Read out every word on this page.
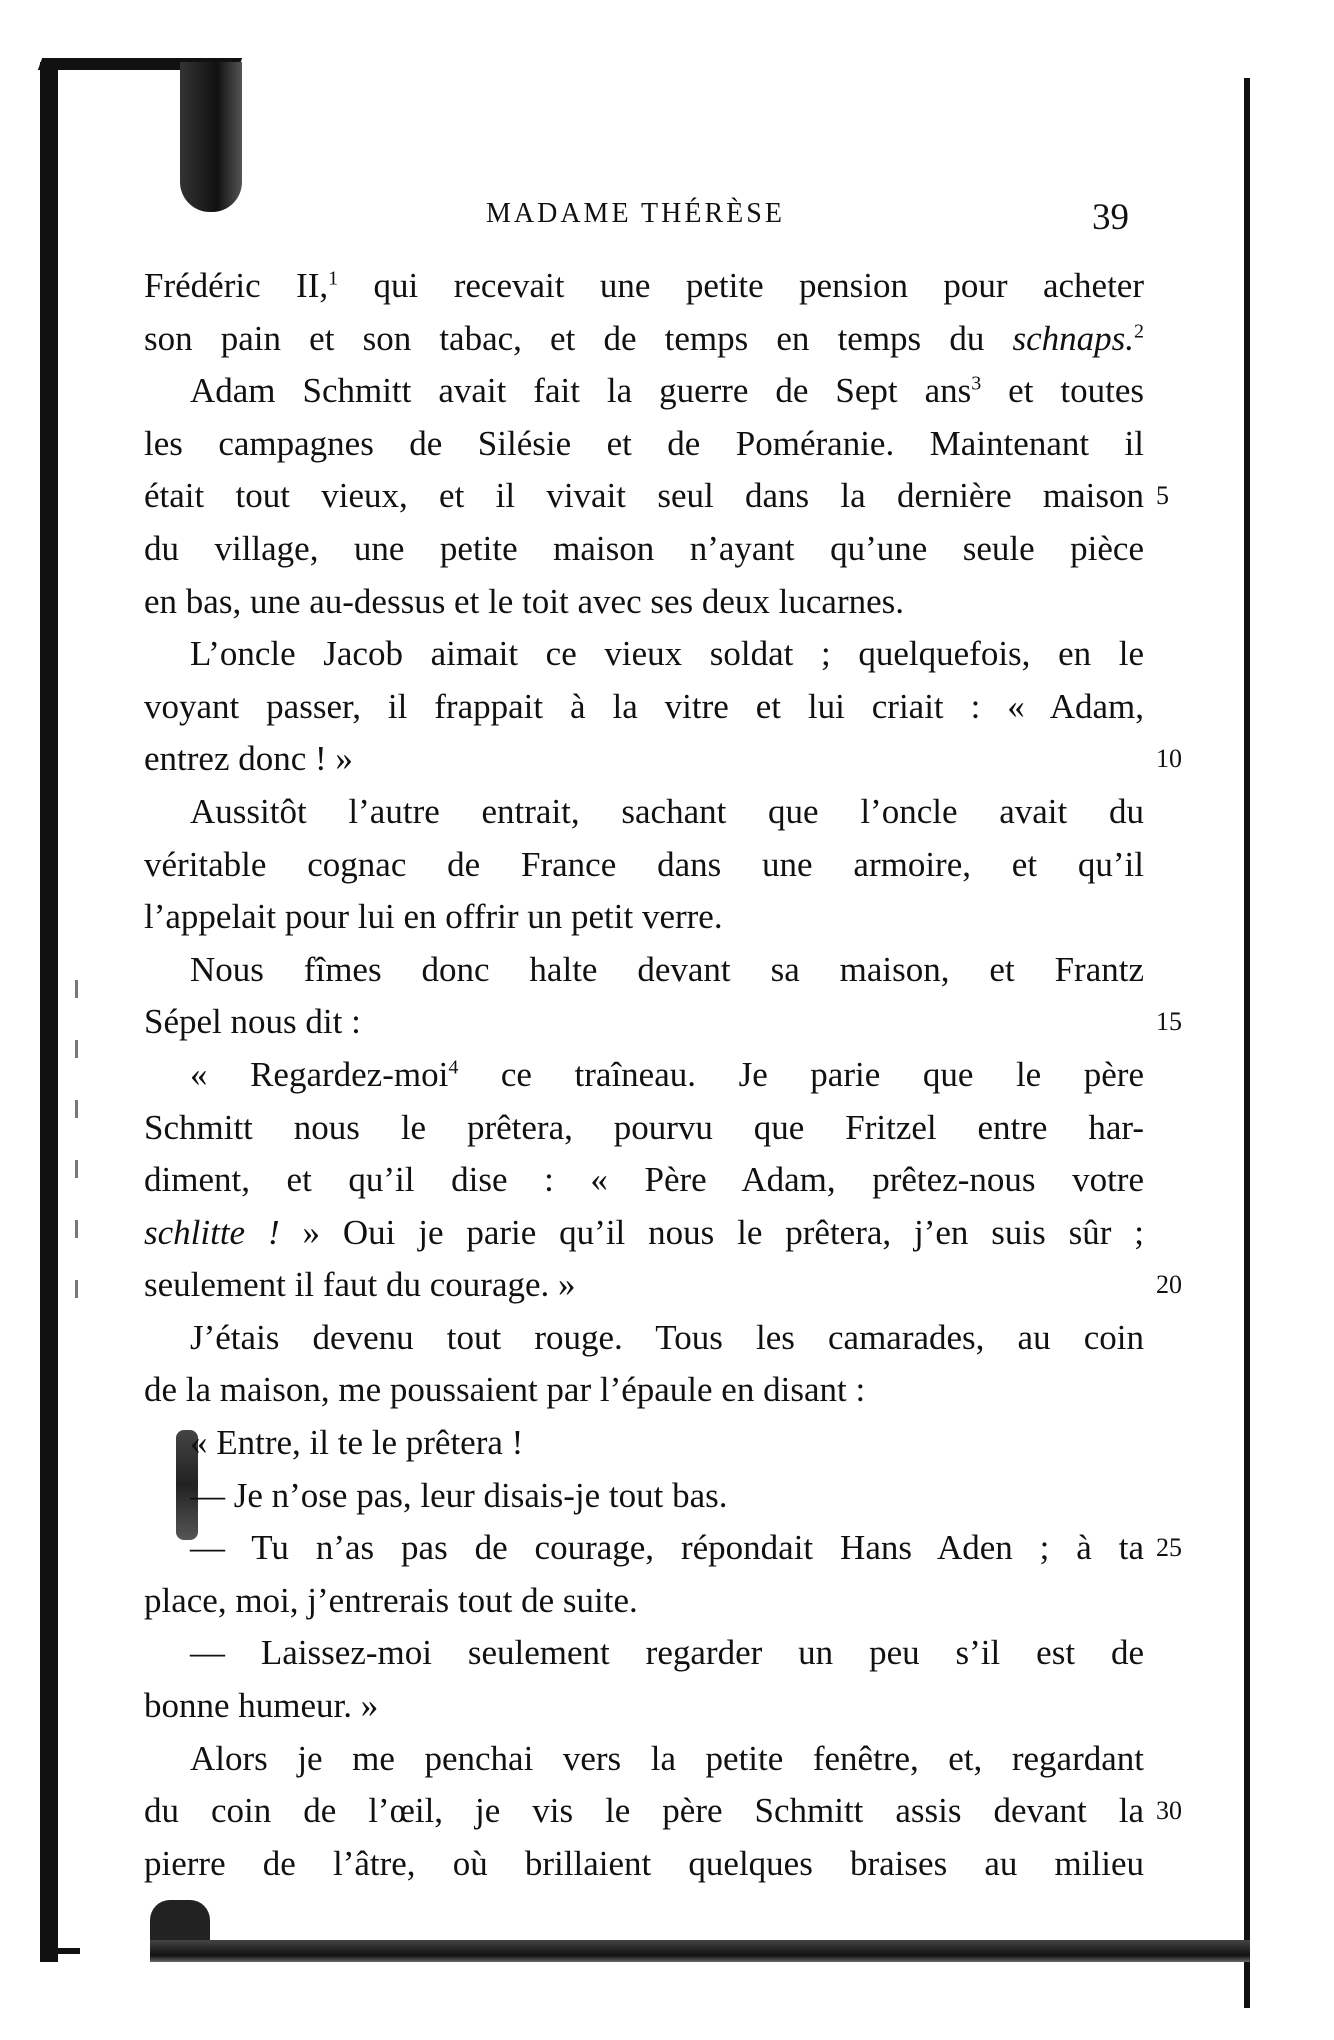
MADAME THÉRÈSE	39
Frédéric II,$^1$ qui recevait une petite pension pour acheter
son pain et son tabac, et de temps en temps du schnaps.$^2$
Adam Schmitt avait fait la guerre de Sept ans$^3$ et toutes
les campagnes de Silésie et de Poméranie. Maintenant il
était tout vieux, et il vivait seul dans la dernière maison
du village, une petite maison n’ayant qu’une seule pièce
en bas, une au-dessus et le toit avec ses deux lucarnes.
L’oncle Jacob aimait ce vieux soldat ; quelquefois, en le
voyant passer, il frappait à la vitre et lui criait : « Adam,
entrez donc ! »
Aussitôt l’autre entrait, sachant que l’oncle avait du
véritable cognac de France dans une armoire, et qu’il
l’appelait pour lui en offrir un petit verre.
Nous fîmes donc halte devant sa maison, et Frantz
Sépel nous dit :
« Regardez-moi$^4$ ce traîneau. Je parie que le père
Schmitt nous le prêtera, pourvu que Fritzel entre har-
diment, et qu’il dise : « Père Adam, prêtez-nous votre
schlitte ! » Oui je parie qu’il nous le prêtera, j’en suis sûr ;
seulement il faut du courage. »
J’étais devenu tout rouge. Tous les camarades, au coin
de la maison, me poussaient par l’épaule en disant :
« Entre, il te le prêtera !
— Je n’ose pas, leur disais-je tout bas.
— Tu n’as pas de courage, répondait Hans Aden ; à ta
place, moi, j’entrerais tout de suite.
— Laissez-moi seulement regarder un peu s’il est de
bonne humeur. »
Alors je me penchai vers la petite fenêtre, et, regardant
du coin de l’œil, je vis le père Schmitt assis devant la
pierre de l’âtre, où brillaient quelques braises au milieu
5
10
15
20
25
30
